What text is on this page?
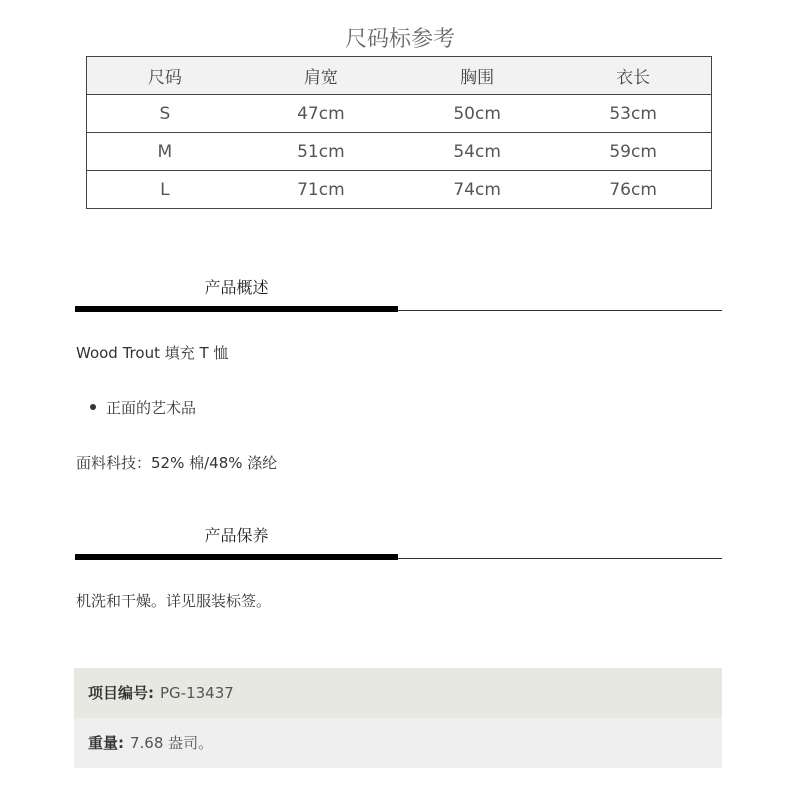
尺码标参考
尺码	肩宽	胸围	衣长
S	47cm	50cm	53cm
M	51cm	54cm	59cm
L	71cm	74cm	76cm
产品概述
Wood Trout 填充 T 恤
正面的艺术品
面料科技：52% 棉/48% 涤纶
产品保养
机洗和干燥。详见服装标签。
项目编号: PG-13437
重量: 7.68 盎司。
